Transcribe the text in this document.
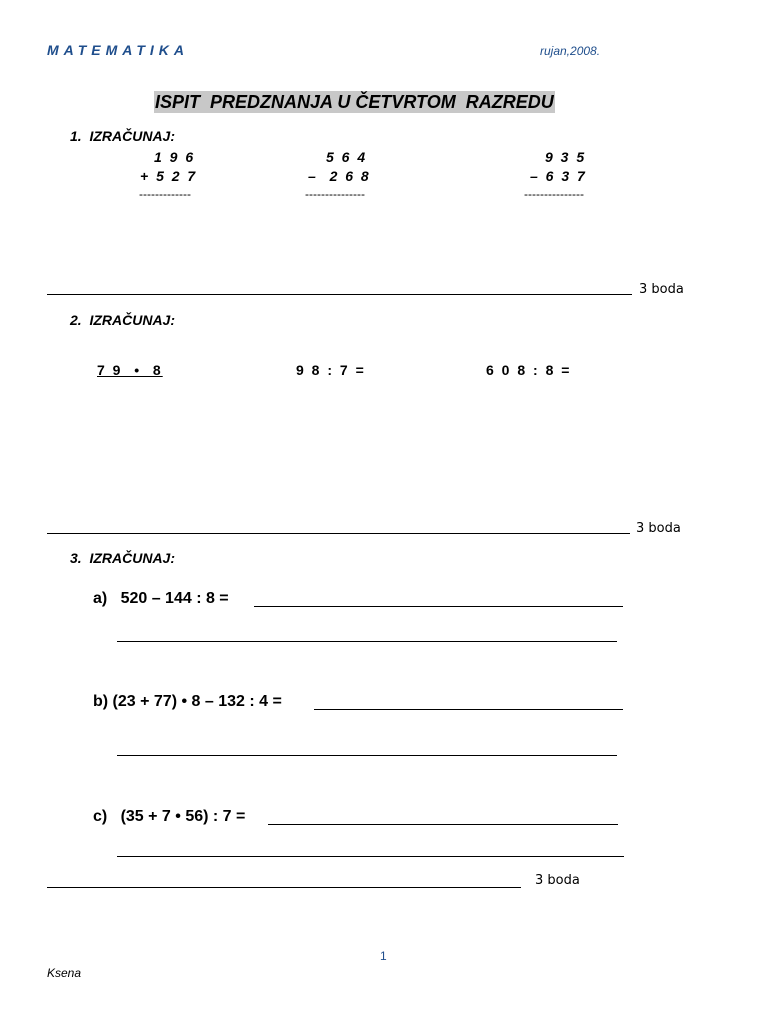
MATEMATIKA	rujan,2008.
ISPIT  PREDZNANJA U ČETVRTOM  RAZREDU
1.  IZRAČUNAJ:
1 9 6
+ 5 2 7
-------------
5 6 4
–  2 6 8
---------------
9 3 5
– 6 3 7
---------------
3 boda
2.  IZRAČUNAJ:
7 9  •  8	9 8 : 7 =	6 0 8 : 8 =
3 boda
3.  IZRAČUNAJ:
a)   520 – 144 : 8 =
b) (23 + 77) • 8 – 132 : 4 =
c)   (35 + 7 • 56) : 7 =
3 boda
1
Ksena
